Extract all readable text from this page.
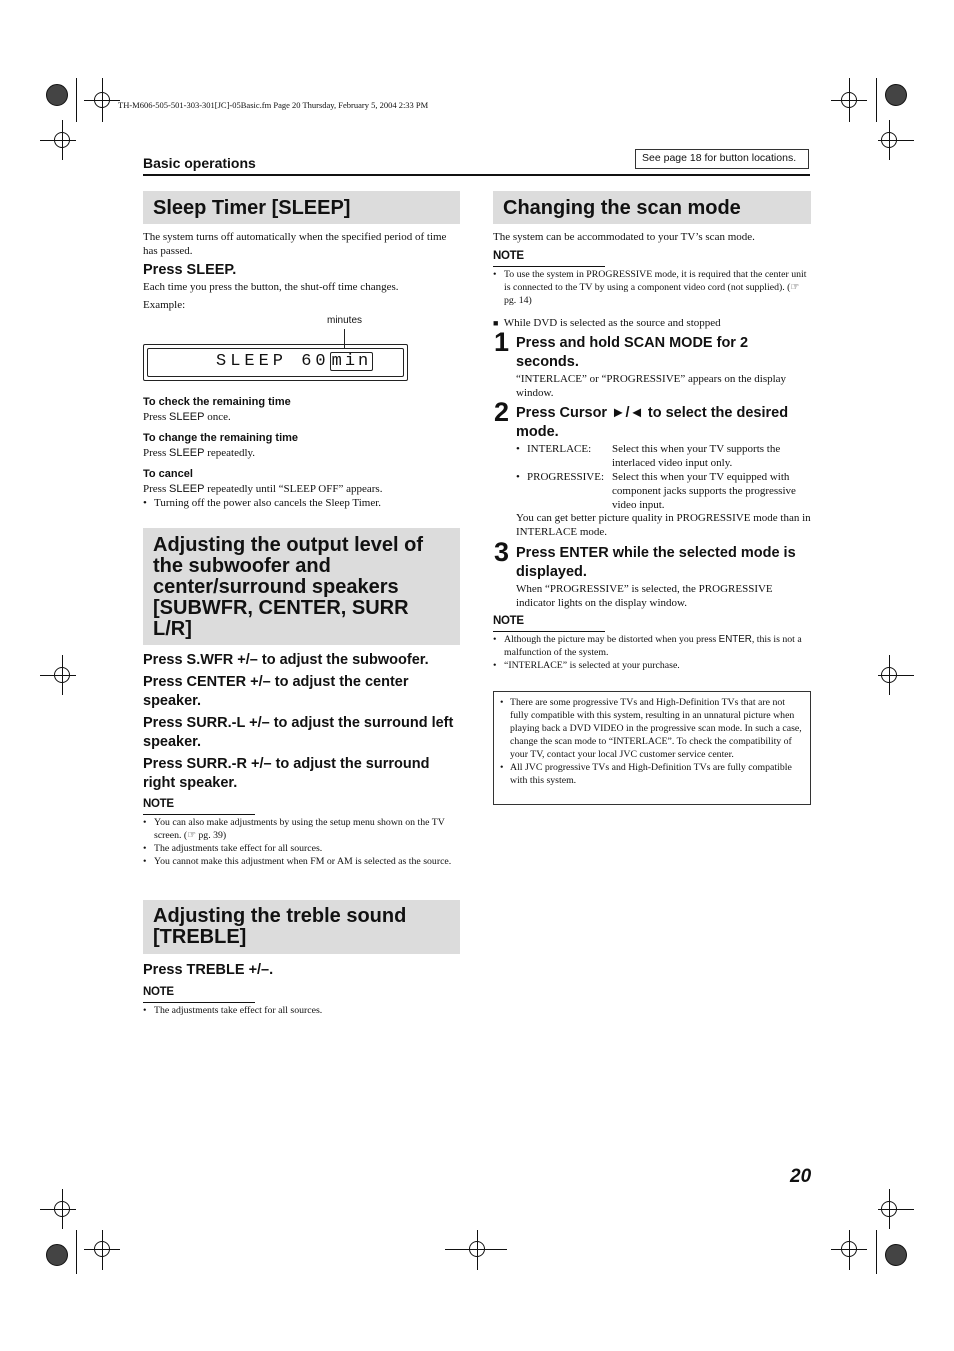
TH-M606-505-501-303-301[JC]-05Basic.fm Page 20 Thursday, February 5, 2004 2:33 PM
Basic operations	See page 18 for button locations.
Sleep Timer [SLEEP]
The system turns off automatically when the specified period of time has passed.
Press SLEEP.
Each time you press the button, the shut-off time changes.
Example:
minutes
SLEEP 60 min
To check the remaining time
Press SLEEP once.
To change the remaining time
Press SLEEP repeatedly.
To cancel
Press SLEEP repeatedly until “SLEEP OFF” appears.
• Turning off the power also cancels the Sleep Timer.
Adjusting the output level of the subwoofer and center/surround speakers [SUBWFR, CENTER, SURR L/R]
Press S.WFR +/– to adjust the subwoofer.
Press CENTER +/– to adjust the center speaker.
Press SURR.-L +/– to adjust the surround left speaker.
Press SURR.-R +/– to adjust the surround right speaker.
NOTE
• You can also make adjustments by using the setup menu shown on the TV screen. (☞ pg. 39)
• The adjustments take effect for all sources.
• You cannot make this adjustment when FM or AM is selected as the source.
Adjusting the treble sound [TREBLE]
Press TREBLE +/–.
NOTE
• The adjustments take effect for all sources.
Changing the scan mode
The system can be accommodated to your TV’s scan mode.
NOTE
• To use the system in PROGRESSIVE mode, it is required that the center unit is connected to the TV by using a component video cord (not supplied). (☞ pg. 14)
■ While DVD is selected as the source and stopped
1 Press and hold SCAN MODE for 2 seconds.
“INTERLACE” or “PROGRESSIVE” appears on the display window.
2 Press Cursor ►/◄ to select the desired mode.
• INTERLACE: Select this when your TV supports the interlaced video input only.
• PROGRESSIVE: Select this when your TV equipped with component jacks supports the progressive video input.
You can get better picture quality in PROGRESSIVE mode than in INTERLACE mode.
3 Press ENTER while the selected mode is displayed.
When “PROGRESSIVE” is selected, the PROGRESSIVE indicator lights on the display window.
NOTE
• Although the picture may be distorted when you press ENTER, this is not a malfunction of the system.
• “INTERLACE” is selected at your purchase.
• There are some progressive TVs and High-Definition TVs that are not fully compatible with this system, resulting in an unnatural picture when playing back a DVD VIDEO in the progressive scan mode. In such a case, change the scan mode to “INTERLACE”. To check the compatibility of your TV, contact your local JVC customer service center.
• All JVC progressive TVs and High-Definition TVs are fully compatible with this system.
20
